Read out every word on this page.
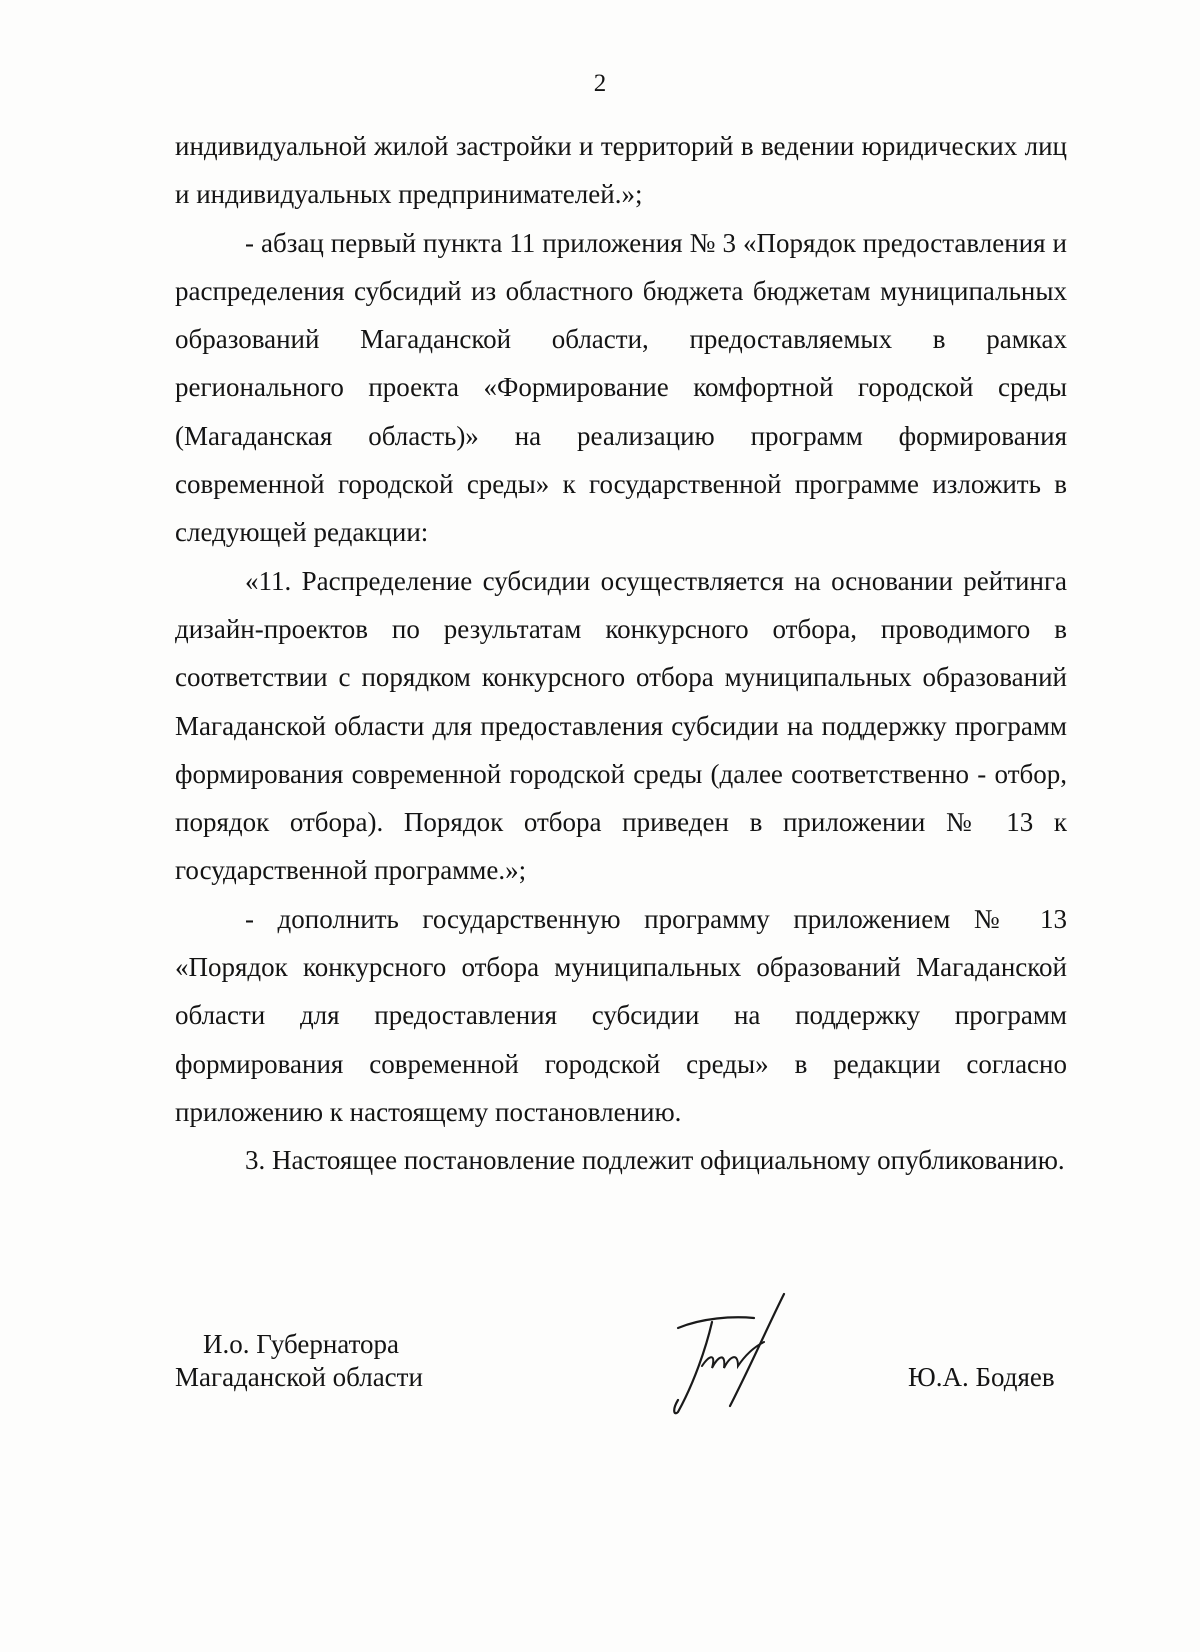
2

индивидуальной жилой застройки и территорий в ведении юридических лиц и индивидуальных предпринимателей.»;

- абзац первый пункта 11 приложения № 3 «Порядок предоставления и распределения субсидий из областного бюджета бюджетам муниципальных образований Магаданской области, предоставляемых в рамках регионального проекта «Формирование комфортной городской среды (Магаданская область)» на реализацию программ формирования современной городской среды» к государственной программе изложить в следующей редакции:

«11. Распределение субсидии осуществляется на основании рейтинга дизайн-проектов по результатам конкурсного отбора, проводимого в соответствии с порядком конкурсного отбора муниципальных образований Магаданской области для предоставления субсидии на поддержку программ формирования современной городской среды (далее соответственно - отбор, порядок отбора). Порядок отбора приведен в приложении № 13 к государственной программе.»;

- дополнить государственную программу приложением № 13 «Порядок конкурсного отбора муниципальных образований Магаданской области для предоставления субсидии на поддержку программ формирования современной городской среды» в редакции согласно приложению к настоящему постановлению.

3. Настоящее постановление подлежит официальному опубликованию.

И.о. Губернатора
Магаданской области	Ю.А. Бодяев
